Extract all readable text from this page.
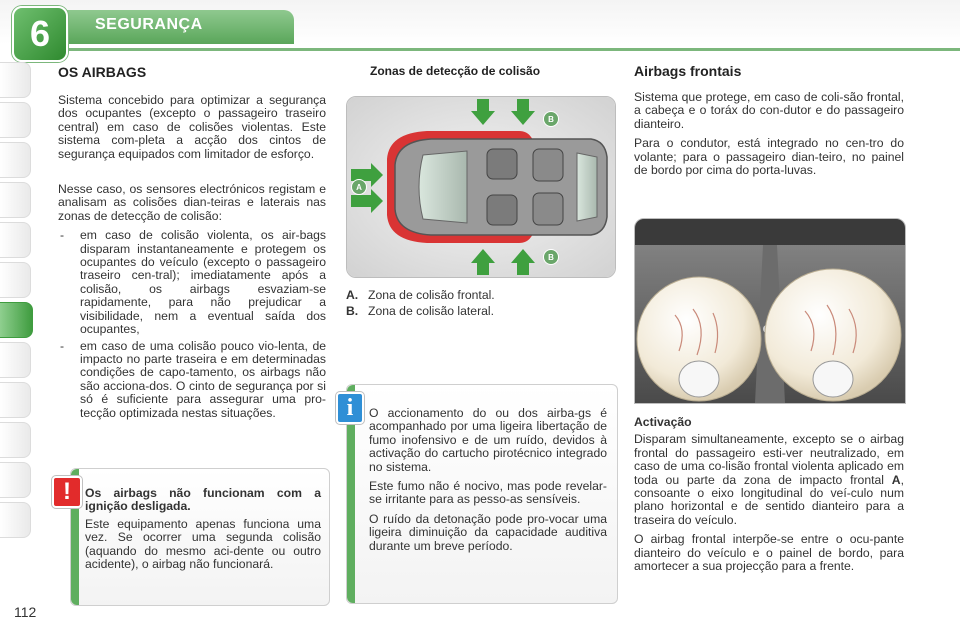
6	SEGURANÇA
112
OS AIRBAGS

Sistema concebido para optimizar a segurança dos ocupantes (excepto o passageiro traseiro central) em caso de colisões violentas. Este sistema com-pleta a acção dos cintos de segurança equipados com limitador de esforço.

Nesse caso, os sensores electrónicos registam e analisam as colisões dian-teiras e laterais nas zonas de detecção de colisão:

- em caso de colisão violenta, os air-bags disparam instantaneamente e protegem os ocupantes do veículo (excepto o passageiro traseiro cen-tral); imediatamente após a colisão, os airbags esvaziam-se rapidamente, para não prejudicar a visibilidade, nem a eventual saída dos ocupantes,
- em caso de uma colisão pouco vio-lenta, de impacto no parte traseira e em determinadas condições de capo-tamento, os airbags não são acciona-dos. O cinto de segurança por si só é suficiente para assegurar uma pro-tecção optimizada nestas situações.

Os airbags não funcionam com a ignição desligada.

Este equipamento apenas funciona uma vez. Se ocorrer uma segunda colisão (aquando do mesmo aci-dente ou outro acidente), o airbag não funcionará.

!
Zonas de detecção de colisão
A
B
B
A. Zona de colisão frontal.
B. Zona de colisão lateral.

O accionamento do ou dos airba-gs é acompanhado por uma ligeira libertação de fumo inofensivo e de um ruído, devidos à activação do cartucho pirotécnico integrado no sistema.

Este fumo não é nocivo, mas pode revelar-se irritante para as pesso-as sensíveis.

O ruído da detonação pode pro-vocar uma ligeira diminuição da capacidade auditiva durante um breve período.

i
Airbags frontais

Sistema que protege, em caso de coli-são frontal, a cabeça e o toráx do con-dutor e do passageiro dianteiro.

Para o condutor, está integrado no cen-tro do volante; para o passageiro dian-teiro, no painel de bordo por cima do porta-luvas.

Activação

Disparam simultaneamente, excepto se o airbag frontal do passageiro esti-ver neutralizado, em caso de uma co-lisão frontal violenta aplicado em toda ou parte da zona de impacto frontal A, consoante o eixo longitudinal do veí-culo num plano horizontal e de sentido dianteiro para a traseira do veículo.

O airbag frontal interpõe-se entre o ocu-pante dianteiro do veículo e o painel de bordo, para amortecer a sua projecção para a frente.
